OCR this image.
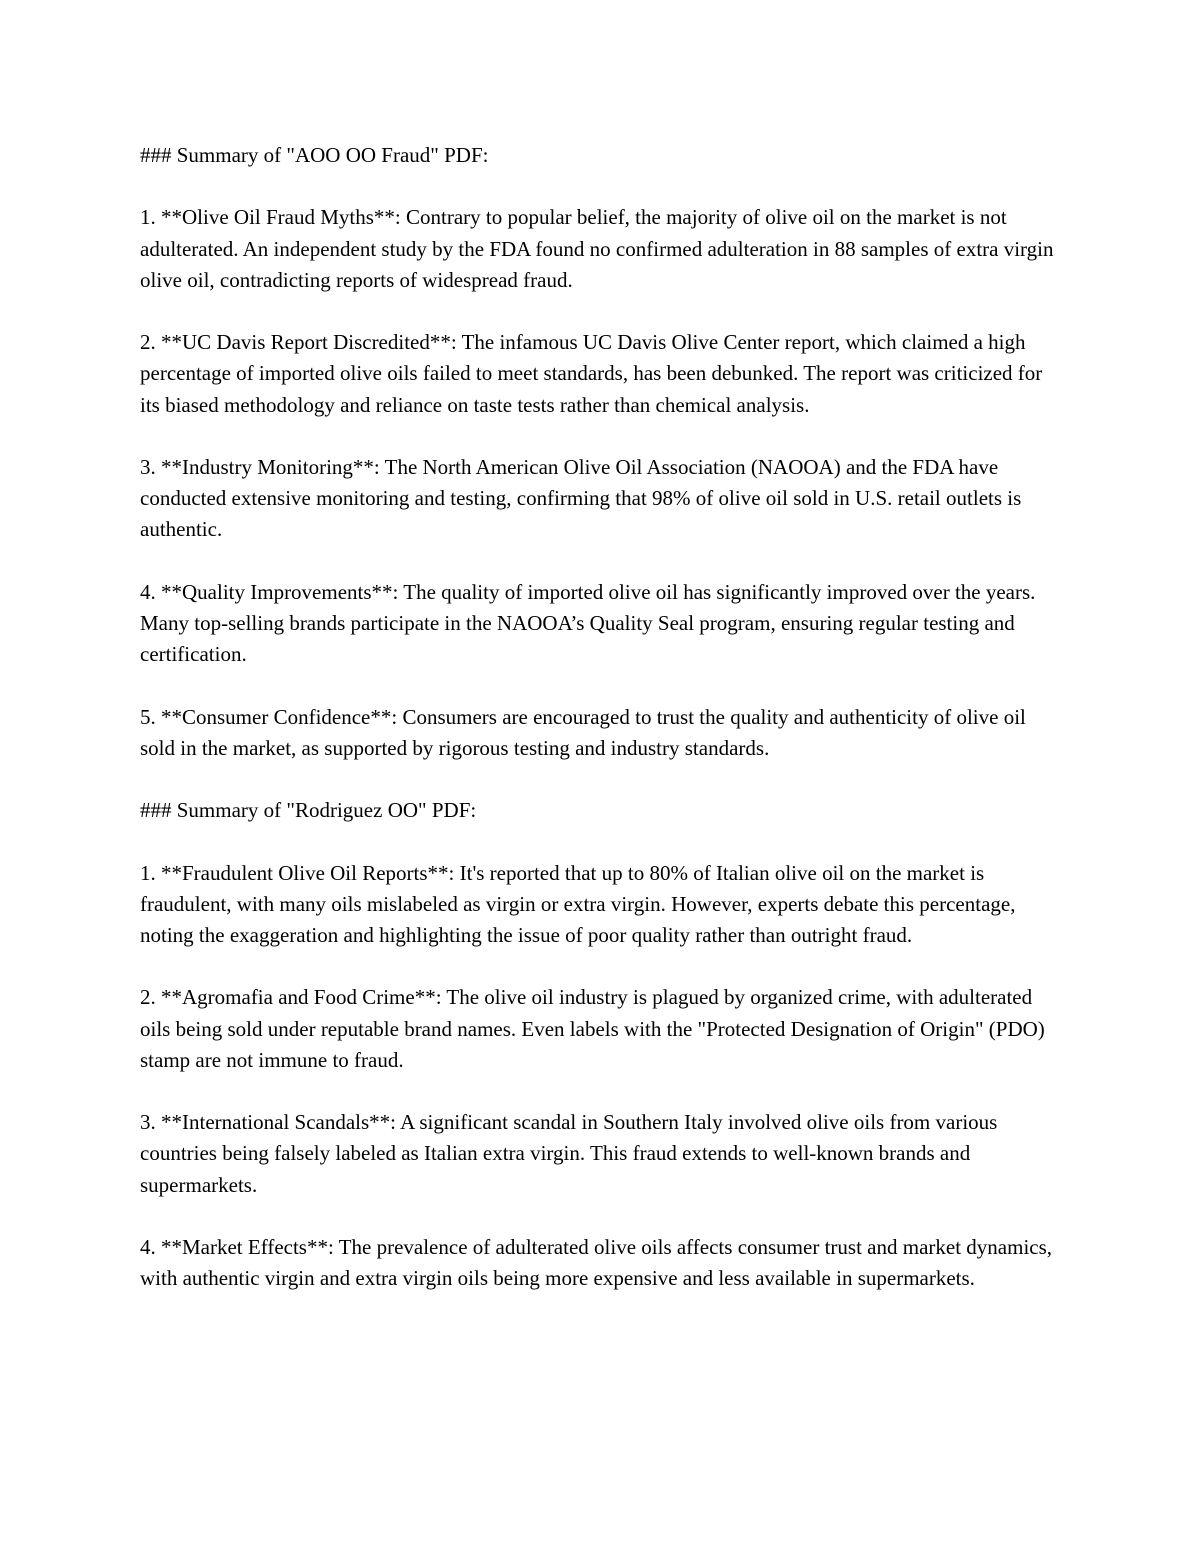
### Summary of "AOO OO Fraud" PDF:

1. **Olive Oil Fraud Myths**: Contrary to popular belief, the majority of olive oil on the market is not adulterated. An independent study by the FDA found no confirmed adulteration in 88 samples of extra virgin olive oil, contradicting reports of widespread fraud.

2. **UC Davis Report Discredited**: The infamous UC Davis Olive Center report, which claimed a high percentage of imported olive oils failed to meet standards, has been debunked. The report was criticized for its biased methodology and reliance on taste tests rather than chemical analysis.

3. **Industry Monitoring**: The North American Olive Oil Association (NAOOA) and the FDA have conducted extensive monitoring and testing, confirming that 98% of olive oil sold in U.S. retail outlets is authentic.

4. **Quality Improvements**: The quality of imported olive oil has significantly improved over the years. Many top-selling brands participate in the NAOOA’s Quality Seal program, ensuring regular testing and certification.

5. **Consumer Confidence**: Consumers are encouraged to trust the quality and authenticity of olive oil sold in the market, as supported by rigorous testing and industry standards.

### Summary of "Rodriguez OO" PDF:

1. **Fraudulent Olive Oil Reports**: It's reported that up to 80% of Italian olive oil on the market is fraudulent, with many oils mislabeled as virgin or extra virgin. However, experts debate this percentage, noting the exaggeration and highlighting the issue of poor quality rather than outright fraud.

2. **Agromafia and Food Crime**: The olive oil industry is plagued by organized crime, with adulterated oils being sold under reputable brand names. Even labels with the "Protected Designation of Origin" (PDO) stamp are not immune to fraud.

3. **International Scandals**: A significant scandal in Southern Italy involved olive oils from various countries being falsely labeled as Italian extra virgin. This fraud extends to well-known brands and supermarkets.

4. **Market Effects**: The prevalence of adulterated olive oils affects consumer trust and market dynamics, with authentic virgin and extra virgin oils being more expensive and less available in supermarkets.
